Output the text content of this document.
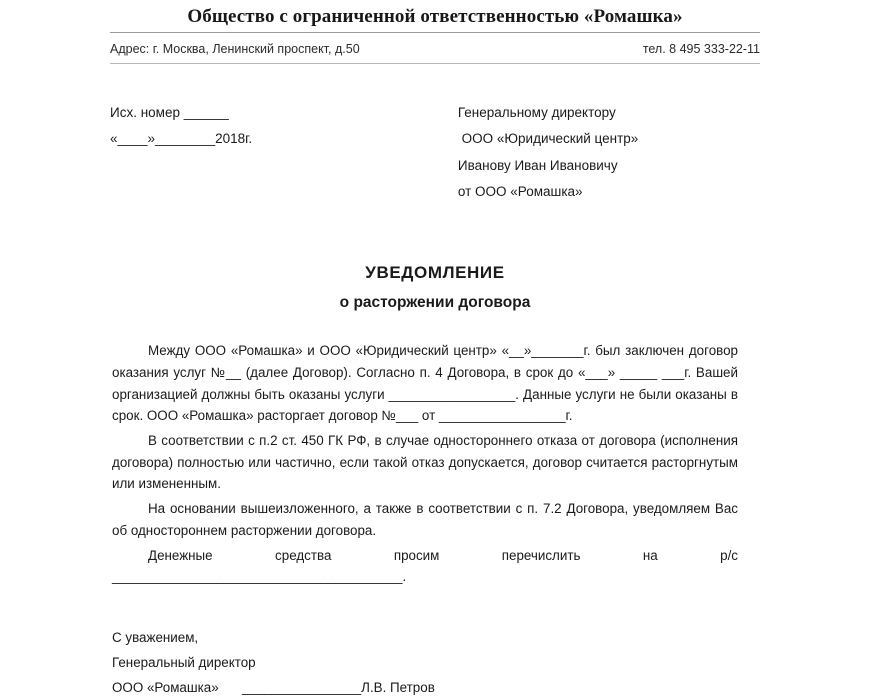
Общество с ограниченной ответственностью «Ромашка»
Адрес: г. Москва, Ленинский проспект, д.50	тел. 8 495 333-22-11
Исх. номер ______
«____»________2018г.
Генеральному директору
ООО «Юридический центр»
Иванову Иван Ивановичу
от ООО «Ромашка»
УВЕДОМЛЕНИЕ
о расторжении договора

Между ООО «Ромашка» и ООО «Юридический центр» «__»_______г. был заключен договор оказания услуг №__ (далее Договор). Согласно п. 4 Договора, в срок до «___» _____ ___г. Вашей организацией должны быть оказаны услуги _________________. Данные услуги не были оказаны в срок. ООО «Ромашка» расторгает договор №___ от _________________г.

В соответствии с п.2 ст. 450 ГК РФ, в случае одностороннего отказа от договора (исполнения договора) полностью или частично, если такой отказ допускается, договор считается расторгнутым или измененным.

На основании вышеизложенного, а также в соответствии с п. 7.2 Договора, уведомляем Вас об одностороннем расторжении договора.

Денежные средства просим перечислить на р/с _______________________________________.

С уважением,
Генеральный директор
ООО «Ромашка»	________________Л.В. Петров
